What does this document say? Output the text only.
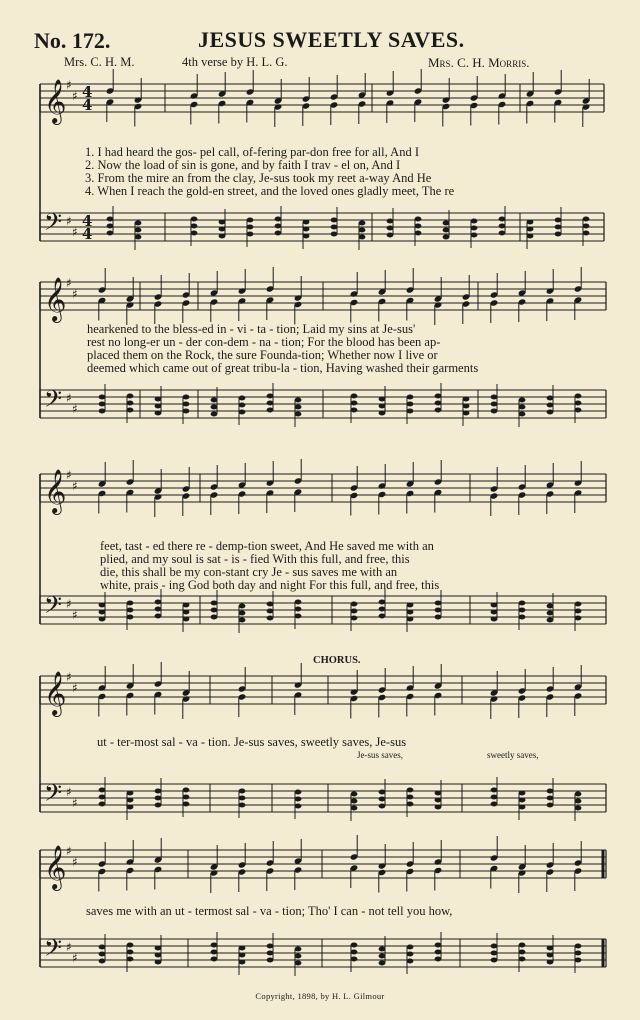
No. 172.	JESUS SWEETLY SAVES.
Mrs. C. H. M.	4th verse by H. L. G.	Mrs. C. H. Morris.
𝄞
𝄢
♯
♯
♯
♯
4
4
4
4
𝄞
𝄢
♯
♯
♯
♯
𝄞
𝄢
♯
♯
♯
♯
𝄞
𝄢
♯
♯
♯
♯
𝄞
𝄢
♯
♯
♯
♯
1. I had heard the gos- pel call, of-fering par-don free for all, And I
2. Now the load of sin is gone, and by faith I trav - el on, And I
3. From the mire an from the clay, Je-sus took my reet a-way And He
4. When I reach the gold-en street, and the loved ones gladly meet, The re
hearkened to the bless-ed in - vi - ta - tion; Laid my sins at Je-sus'
rest no long-er un - der con-dem - na - tion; For the blood has been ap-
placed them on the Rock, the sure Founda-tion; Whether now I live or
deemed which came out of great tribu-la - tion, Having washed their garments
feet, tast - ed there re - demp-tion sweet, And He saved me with an
plied, and my soul is sat - is - fied With this full, and free, this
die, this shall be my con-stant cry Je - sus saves me with an
white, prais - ing God both day and night For this full, and free, this
CHORUS.
ut - ter-most sal - va - tion. Je-sus saves, sweetly saves, Je-sus
Je-sus saves,	sweetly saves,
saves me with an ut - termost sal - va - tion; Tho' I can - not tell you how,
Copyright, 1898, by H. L. Gilmour
